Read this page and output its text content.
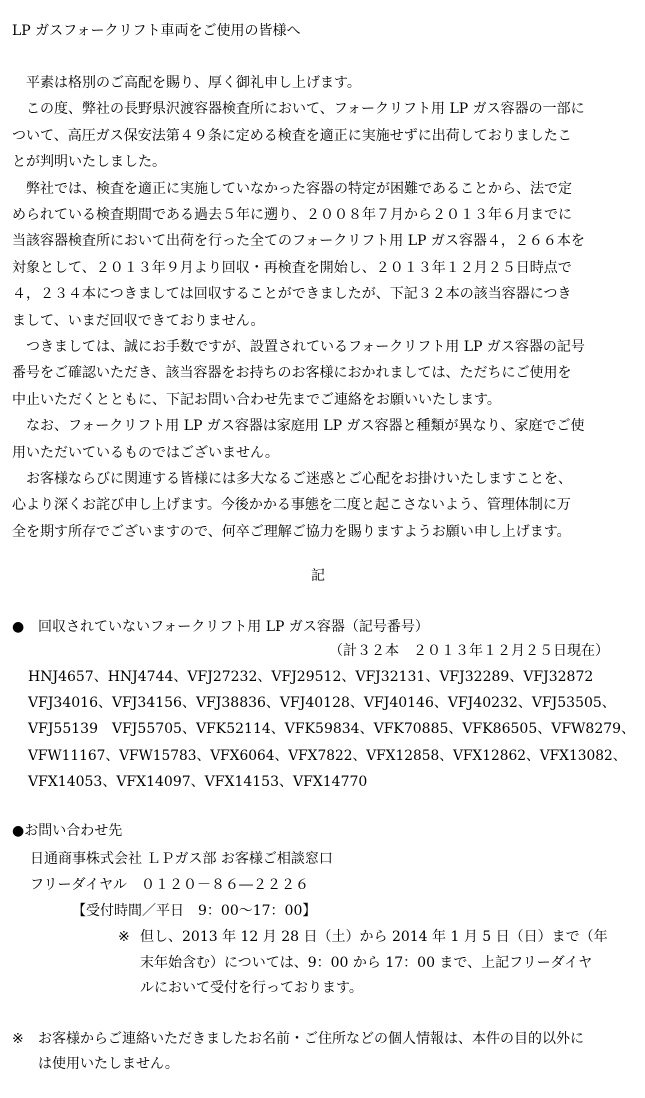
LP ガスフォークリフト車両をご使用の皆様へ
　平素は格別のご高配を賜り、厚く御礼申し上げます。
　この度、弊社の長野県沢渡容器検査所において、フォークリフト用 LP ガス容器の一部に
ついて、高圧ガス保安法第４９条に定める検査を適正に実施せずに出荷しておりましたこ
とが判明いたしました。
　弊社では、検査を適正に実施していなかった容器の特定が困難であることから、法で定
められている検査期間である過去５年に遡り、２００８年７月から２０１３年６月までに
当該容器検査所において出荷を行った全てのフォークリフト用 LP ガス容器４，２６６本を
対象として、２０１３年９月より回収・再検査を開始し、２０１３年１２月２５日時点で
４，２３４本につきましては回収することができましたが、下記３２本の該当容器につき
まして、いまだ回収できておりません。
　つきましては、誠にお手数ですが、設置されているフォークリフト用 LP ガス容器の記号
番号をご確認いただき、該当容器をお持ちのお客様におかれましては、ただちにご使用を
中止いただくとともに、下記お問い合わせ先までご連絡をお願いいたします。
　なお、フォークリフト用 LP ガス容器は家庭用 LP ガス容器と種類が異なり、家庭でご使
用いただいているものではございません。
　お客様ならびに関連する皆様には多大なるご迷惑とご心配をお掛けいたしますことを、
心より深くお詫び申し上げます。今後かかる事態を二度と起こさないよう、管理体制に万
全を期す所存でございますので、何卒ご理解ご協力を賜りますようお願い申し上げます。
記
● 回収されていないフォークリフト用 LP ガス容器（記号番号）
（計３２本　２０１３年１２月２５日現在）
HNJ4657、HNJ4744、VFJ27232、VFJ29512、VFJ32131、VFJ32289、VFJ32872
VFJ34016、VFJ34156、VFJ38836、VFJ40128、VFJ40146、VFJ40232、VFJ53505、
VFJ55139　VFJ55705、VFK52114、VFK59834、VFK70885、VFK86505、VFW8279、
VFW11167、VFW15783、VFX6064、VFX7822、VFX12858、VFX12862、VFX13082、
VFX14053、VFX14097、VFX14153、VFX14770
●お問い合わせ先
日通商事株式会社 ＬＰガス部 お客様ご相談窓口
フリーダイヤル　０１２０－８６―２２２６
【受付時間／平日　9：00～17：00】
※ 但し、2013 年 12 月 28 日（土）から 2014 年 1 月 5 日（日）まで（年
末年始含む）については、9：00 から 17：00 まで、上記フリーダイヤ
ルにおいて受付を行っております。
※ お客様からご連絡いただきましたお名前・ご住所などの個人情報は、本件の目的以外に
は使用いたしません。
